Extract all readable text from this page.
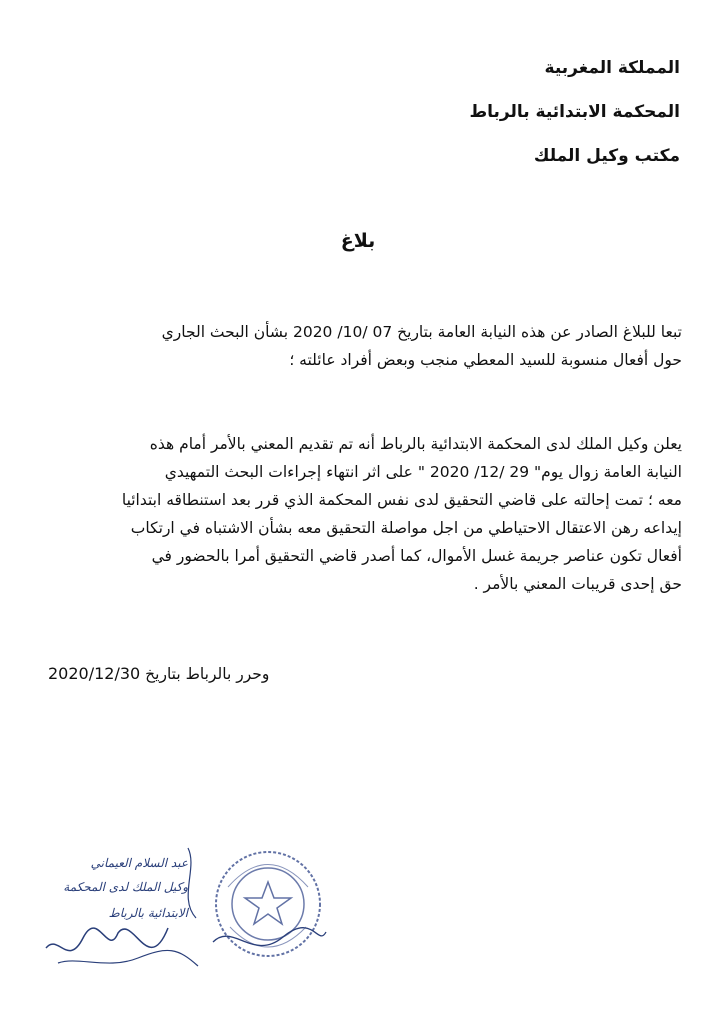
المملكة المغربية
المحكمة الابتدائية بالرباط
مكتب وكيل الملك
بلاغ
تبعا للبلاغ الصادر عن هذه النيابة العامة بتاريخ 07 /10/ 2020 بشأن البحث الجاري
حول أفعال منسوبة للسيد المعطي منجب وبعض أفراد عائلته ؛
يعلن وكيل الملك لدى المحكمة الابتدائية بالرباط أنه تم تقديم المعني بالأمر أمام هذه
النيابة العامة زوال يوم" 29 /12/ 2020 " على اثر انتهاء إجراءات البحث التمهيدي
معه ؛ تمت إحالته على قاضي التحقيق لدى نفس المحكمة الذي قرر بعد استنطاقه ابتدائيا
إيداعه رهن الاعتقال الاحتياطي من اجل مواصلة التحقيق معه بشأن الاشتباه في ارتكاب
أفعال تكون عناصر جريمة غسل الأموال، كما أصدر قاضي التحقيق أمرا بالحضور في
حق إحدى قريبات المعني بالأمر .
وحرر بالرباط بتاريخ 2020/12/30
عبد السلام العيماني
وكيل الملك لدى المحكمة
الابتدائية بالرباط
